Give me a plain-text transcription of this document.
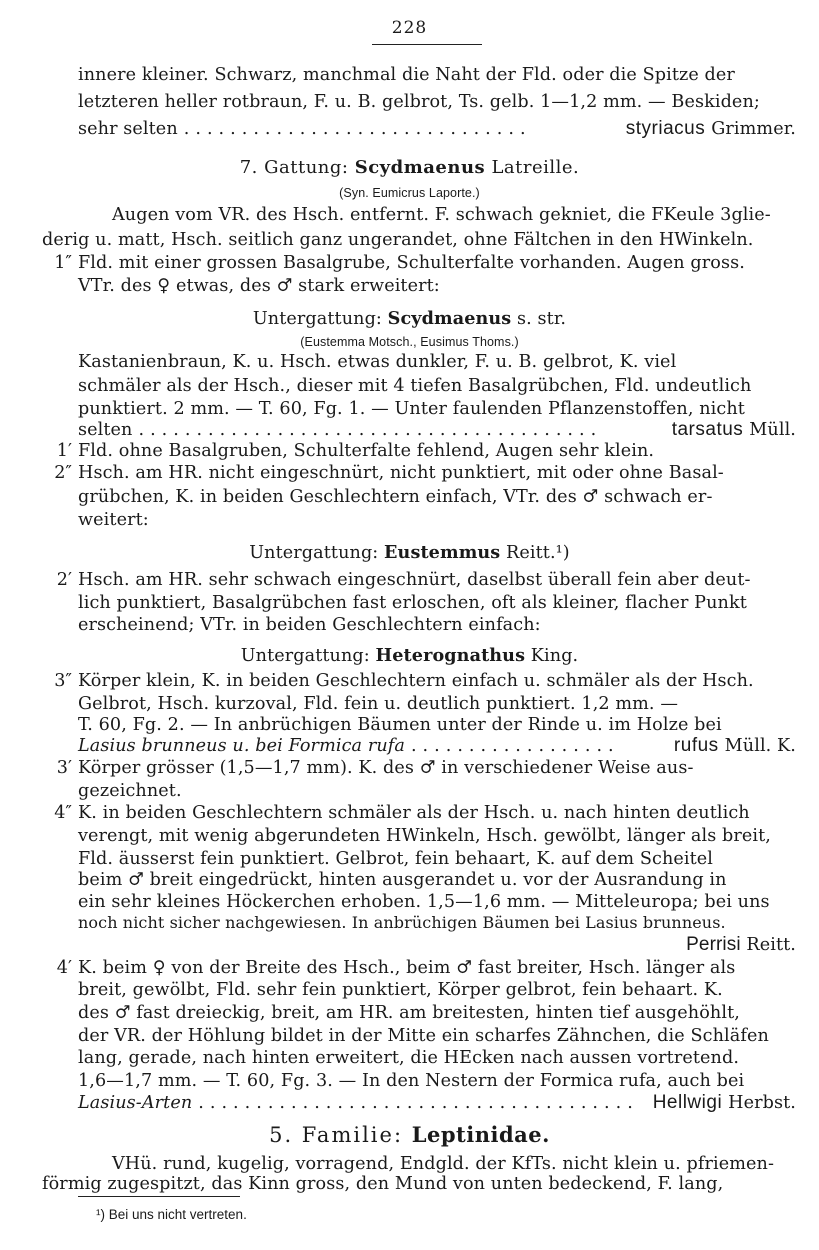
228
innere kleiner. Schwarz, manchmal die Naht der Fld. oder die Spitze der
letzteren heller rotbraun, F. u. B. gelbrot, Ts. gelb. 1—1,2 mm. — Beskiden;
sehr selten ..............................	styriacus Grimmer.
7. Gattung: Scydmaenus Latreille.
(Syn. Eumicrus Laporte.)
Augen vom VR. des Hsch. entfernt. F. schwach gekniet, die FKeule 3glie-
derig u. matt, Hsch. seitlich ganz ungerandet, ohne Fältchen in den HWinkeln.
1″ Fld. mit einer grossen Basalgrube, Schulterfalte vorhanden. Augen gross.
VTr. des ♀ etwas, des ♂ stark erweitert:
Untergattung: Scydmaenus s. str.
(Eustemma Motsch., Eusimus Thoms.)
Kastanienbraun, K. u. Hsch. etwas dunkler, F. u. B. gelbrot, K. viel
schmäler als der Hsch., dieser mit 4 tiefen Basalgrübchen, Fld. undeutlich
punktiert. 2 mm. — T. 60, Fg. 1. — Unter faulenden Pflanzenstoffen, nicht
selten ........................................	tarsatus Müll.
1′ Fld. ohne Basalgruben, Schulterfalte fehlend, Augen sehr klein.
2″ Hsch. am HR. nicht eingeschnürt, nicht punktiert, mit oder ohne Basal-
grübchen, K. in beiden Geschlechtern einfach, VTr. des ♂ schwach er-
weitert:
Untergattung: Eustemmus Reitt.¹)
2′ Hsch. am HR. sehr schwach eingeschnürt, daselbst überall fein aber deut-
lich punktiert, Basalgrübchen fast erloschen, oft als kleiner, flacher Punkt
erscheinend; VTr. in beiden Geschlechtern einfach:
Untergattung: Heterognathus King.
3″ Körper klein, K. in beiden Geschlechtern einfach u. schmäler als der Hsch.
Gelbrot, Hsch. kurzoval, Fld. fein u. deutlich punktiert. 1,2 mm. —
T. 60, Fg. 2. — In anbrüchigen Bäumen unter der Rinde u. im Holze bei
Lasius brunneus u. bei Formica rufa ..................	rufus Müll. K.
3′ Körper grösser (1,5—1,7 mm). K. des ♂ in verschiedener Weise aus-
gezeichnet.
4″ K. in beiden Geschlechtern schmäler als der Hsch. u. nach hinten deutlich
verengt, mit wenig abgerundeten HWinkeln, Hsch. gewölbt, länger als breit,
Fld. äusserst fein punktiert. Gelbrot, fein behaart, K. auf dem Scheitel
beim ♂ breit eingedrückt, hinten ausgerandet u. vor der Ausrandung in
ein sehr kleines Höckerchen erhoben. 1,5—1,6 mm. — Mitteleuropa; bei uns
noch nicht sicher nachgewiesen. In anbrüchigen Bäumen bei Lasius brunneus.
Perrisi Reitt.
4′ K. beim ♀ von der Breite des Hsch., beim ♂ fast breiter, Hsch. länger als
breit, gewölbt, Fld. sehr fein punktiert, Körper gelbrot, fein behaart. K.
des ♂ fast dreieckig, breit, am HR. am breitesten, hinten tief ausgehöhlt,
der VR. der Höhlung bildet in der Mitte ein scharfes Zähnchen, die Schläfen
lang, gerade, nach hinten erweitert, die HEcken nach aussen vortretend.
1,6—1,7 mm. — T. 60, Fg. 3. — In den Nestern der Formica rufa, auch bei
Lasius-Arten ...................................... Hellwigi Herbst.
5. Familie: Leptinidae.
¹) Bei uns nicht vertreten.
VHü. rund, kugelig, vorragend, Endgld. der KfTs. nicht klein u. pfriemen-
förmig zugespitzt, das Kinn gross, den Mund von unten bedeckend, F. lang,
